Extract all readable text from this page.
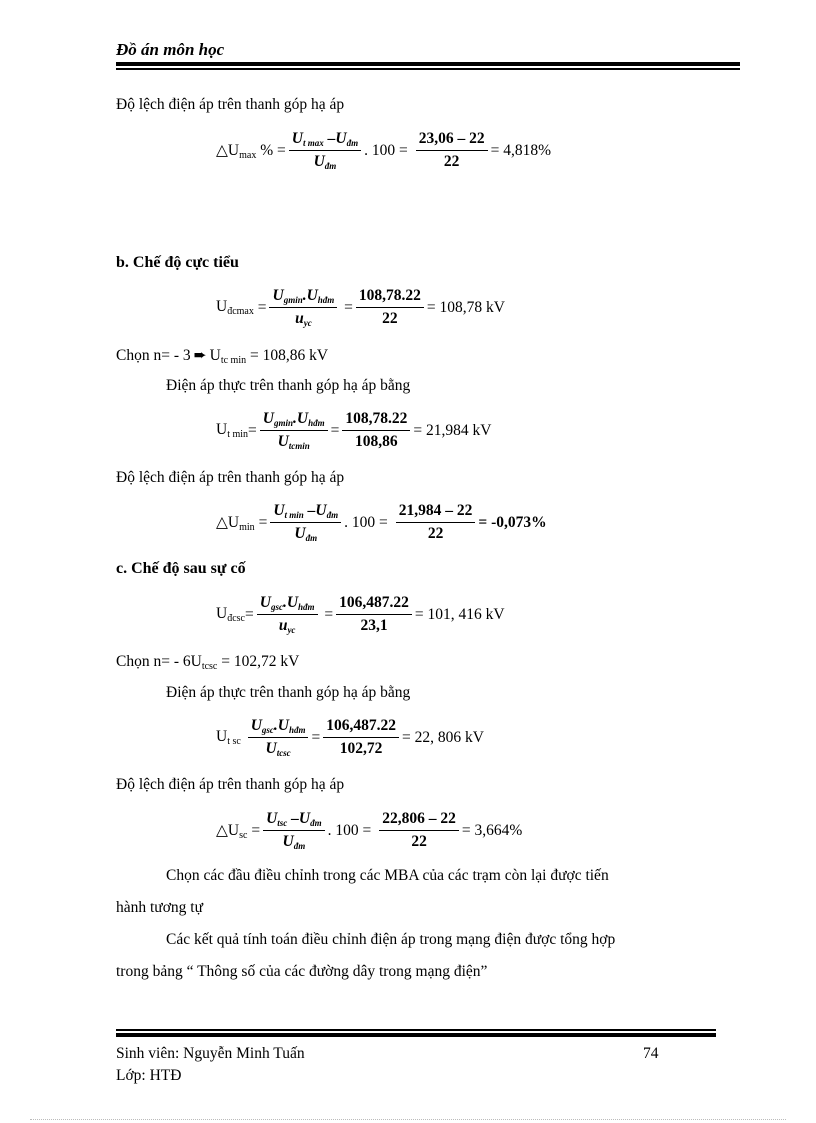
Đồ án môn học
Độ lệch điện áp trên thanh góp hạ áp
$\triangle U_{max}$ % = $\frac{U_{t max} -U_{đm}}{U_{đm}}$ . $100 = \frac{23,06 - 22}{22} = 4,818\%$
b. Chế độ cực tiểu
$U_{đcmax} = \frac{U_{gmin}.U_{hđm}}{u_{yc}} = \frac{108,78.22}{22} = 108,78$ kV
Chọn n= - 3 ➨ $U_{tc min} = 108,86$ kV
Điện áp thực trên thanh góp hạ áp bằng
$U_{t min} = \frac{U_{gmin}.U_{hđm}}{U_{tcmin}} = \frac{108,78.22}{108,86} = 21,984$ kV
Độ lệch điện áp trên thanh góp hạ áp
$\triangle U_{min} = \frac{U_{t min} -U_{đm}}{U_{đm}}$ . $100 = \frac{21,984 - 22}{22} = -0,073\%$
c. Chế độ sau sự cố
$U_{đcsc} = \frac{U_{gsc}.U_{hđm}}{u_{yc}} = \frac{106,487.22}{23,1} = 101$, 416 kV
Chọn $n= - 6U_{tcsc} = 102,72$ kV
Điện áp thực trên thanh góp hạ áp bằng
$U_{t sc}$
$\frac{U_{gsc}.U_{hđm}}{U_{tcsc}} = \frac{106,487.22}{102,72} = 22$, 806 kV
Độ lệch điện áp trên thanh góp hạ áp
$\triangle U_{sc} = \frac{U_{tsc} -U_{đm}}{U_{đm}}$ . $100 = \frac{22,806 - 22}{22} = 3,664\%$
Chọn các đầu điều chỉnh trong các MBA của các trạm còn lại được tiến
hành tương tự
Các kết quả tính toán điều chỉnh điện áp trong mạng điện được tổng hợp
trong bảng “ Thông số của các đường dây trong mạng điện”
Sinh viên: Nguyễn Minh Tuấn	74
Lớp: HTĐ
